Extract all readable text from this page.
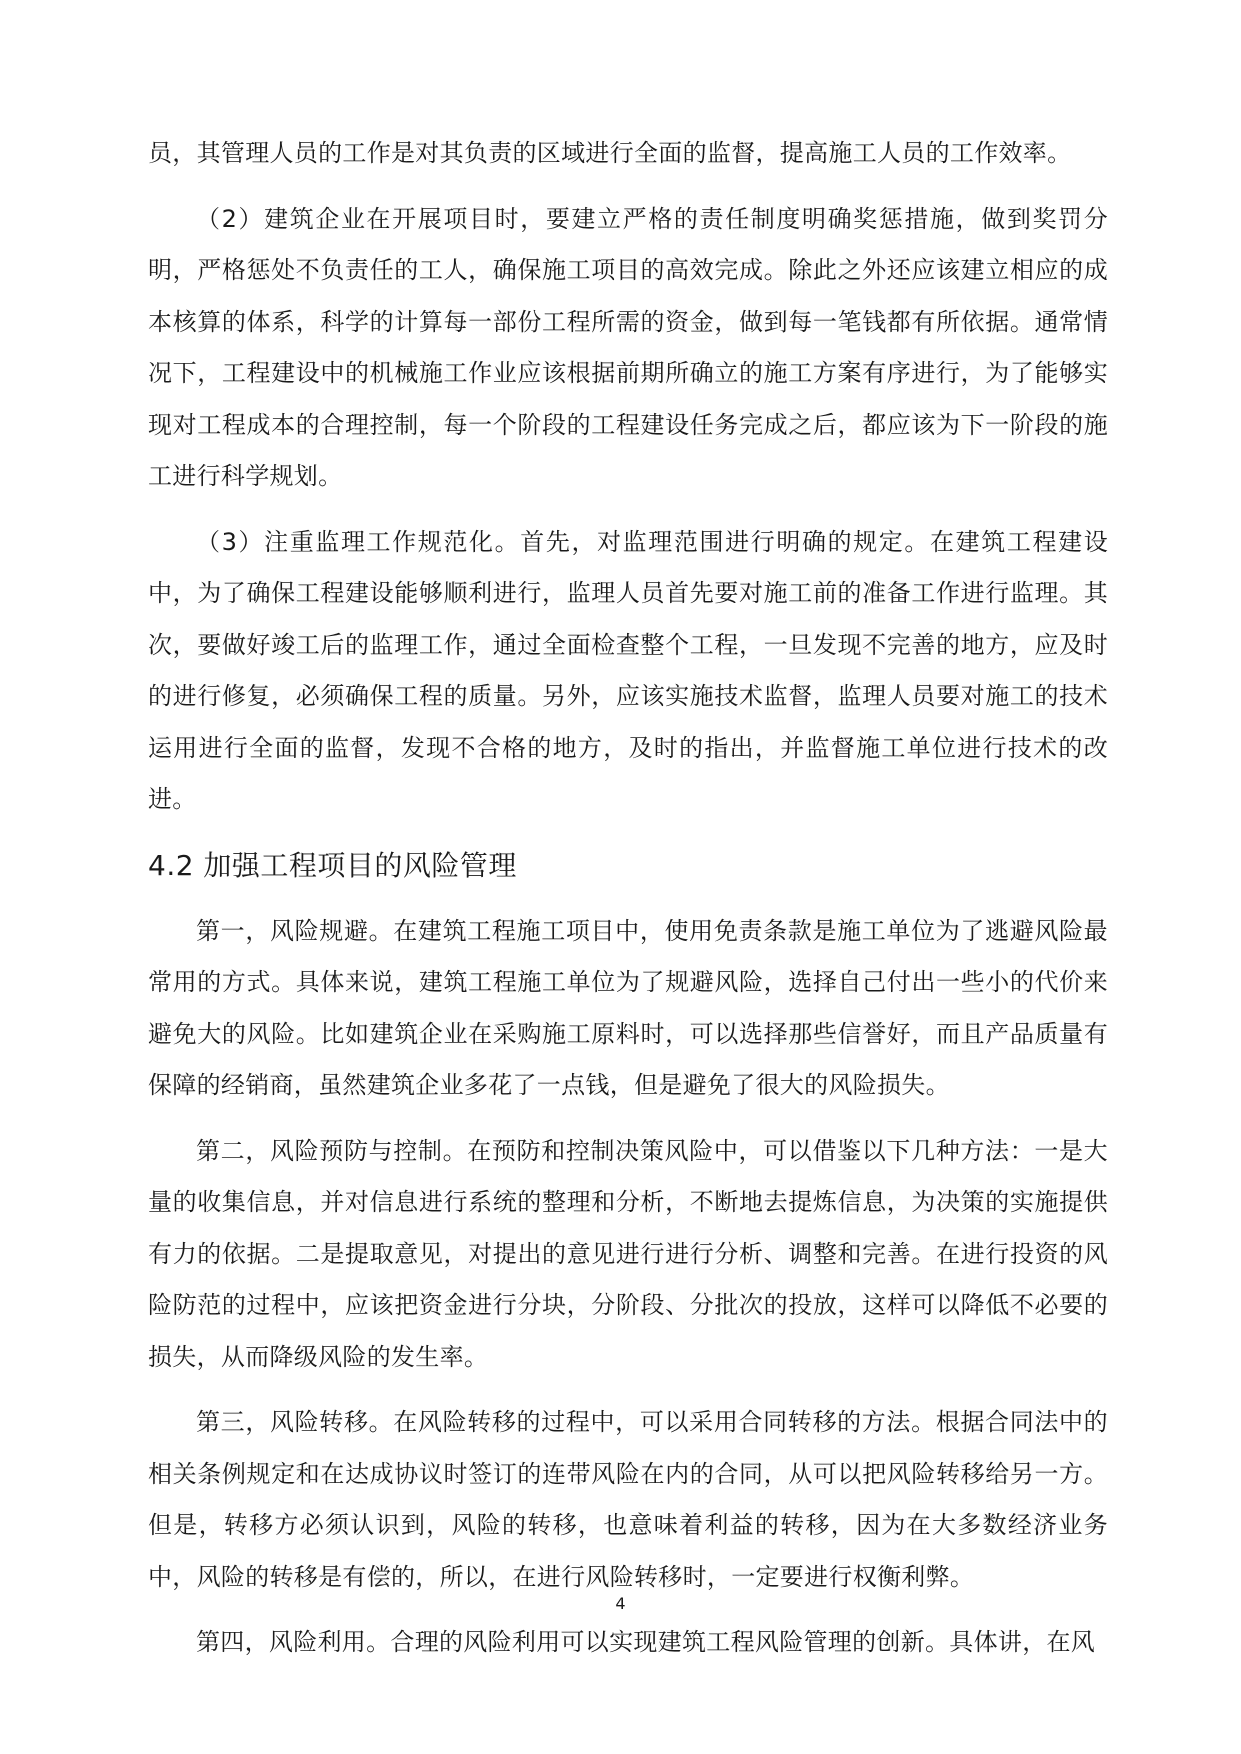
员，其管理人员的工作是对其负责的区域进行全面的监督，提高施工人员的工作效率。

（2）建筑企业在开展项目时，要建立严格的责任制度明确奖惩措施，做到奖罚分明，严格惩处不负责任的工人，确保施工项目的高效完成。除此之外还应该建立相应的成本核算的体系，科学的计算每一部份工程所需的资金，做到每一笔钱都有所依据。通常情况下，工程建设中的机械施工作业应该根据前期所确立的施工方案有序进行，为了能够实现对工程成本的合理控制，每一个阶段的工程建设任务完成之后，都应该为下一阶段的施工进行科学规划。

（3）注重监理工作规范化。首先，对监理范围进行明确的规定。在建筑工程建设中，为了确保工程建设能够顺利进行，监理人员首先要对施工前的准备工作进行监理。其次，要做好竣工后的监理工作，通过全面检查整个工程，一旦发现不完善的地方，应及时的进行修复，必须确保工程的质量。另外，应该实施技术监督，监理人员要对施工的技术运用进行全面的监督，发现不合格的地方，及时的指出，并监督施工单位进行技术的改进。

4.2 加强工程项目的风险管理

第一，风险规避。在建筑工程施工项目中，使用免责条款是施工单位为了逃避风险最常用的方式。具体来说，建筑工程施工单位为了规避风险，选择自己付出一些小的代价来避免大的风险。比如建筑企业在采购施工原料时，可以选择那些信誉好，而且产品质量有保障的经销商，虽然建筑企业多花了一点钱，但是避免了很大的风险损失。

第二，风险预防与控制。在预防和控制决策风险中，可以借鉴以下几种方法：一是大量的收集信息，并对信息进行系统的整理和分析，不断地去提炼信息，为决策的实施提供有力的依据。二是提取意见，对提出的意见进行进行分析、调整和完善。在进行投资的风险防范的过程中，应该把资金进行分块，分阶段、分批次的投放，这样可以降低不必要的损失，从而降级风险的发生率。

第三，风险转移。在风险转移的过程中，可以采用合同转移的方法。根据合同法中的相关条例规定和在达成协议时签订的连带风险在内的合同，从可以把风险转移给另一方。但是，转移方必须认识到，风险的转移，也意味着利益的转移，因为在大多数经济业务中，风险的转移是有偿的，所以，在进行风险转移时，一定要进行权衡利弊。

第四，风险利用。合理的风险利用可以实现建筑工程风险管理的创新。具体讲，在风

4
